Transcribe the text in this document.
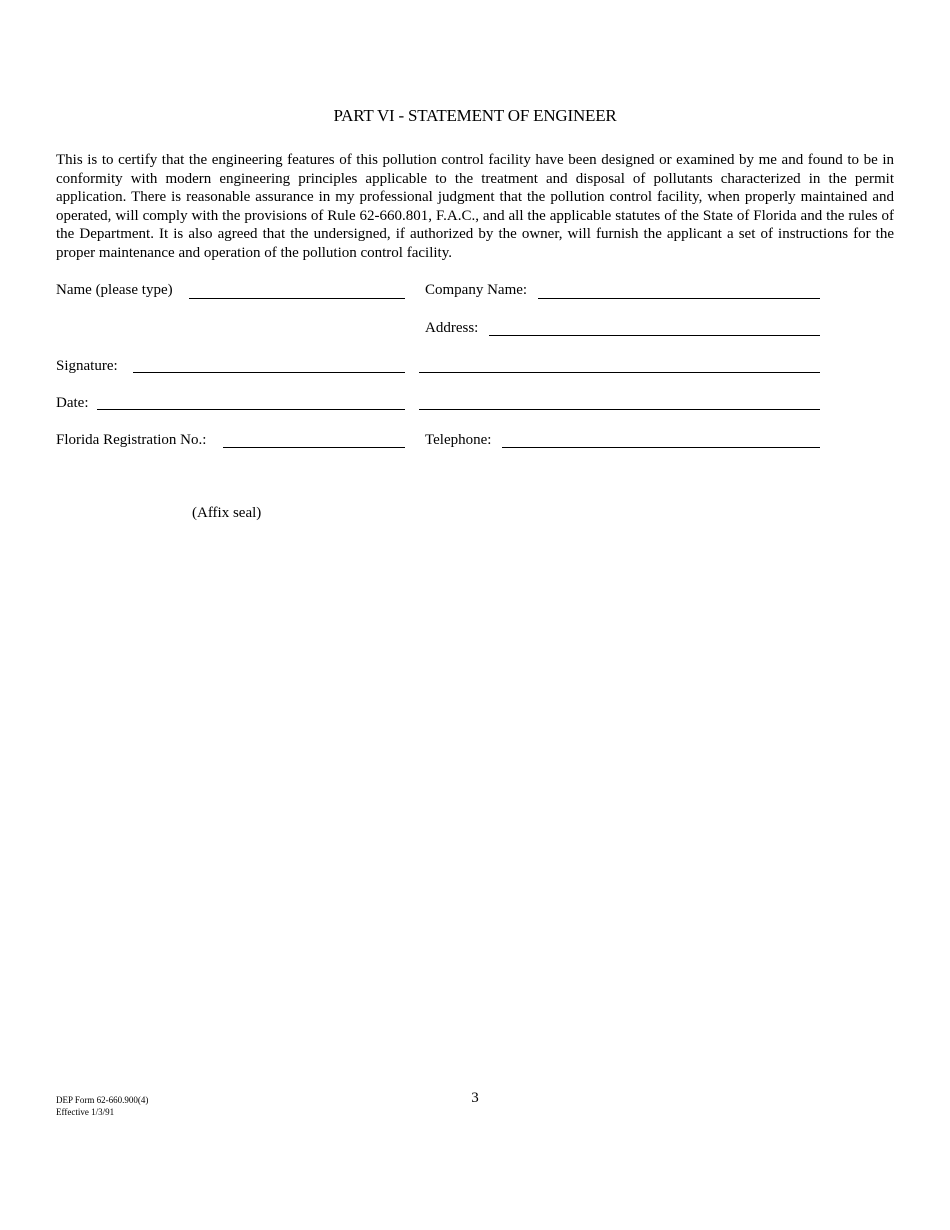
PART VI - STATEMENT OF ENGINEER

This is to certify that the engineering features of this pollution control facility have been designed or examined by me and found to be in conformity with modern engineering principles applicable to the treatment and disposal of pollutants characterized in the permit application. There is reasonable assurance in my professional judgment that the pollution control facility, when properly maintained and operated, will comply with the provisions of Rule 62-660.801, F.A.C., and all the applicable statutes of the State of Florida and the rules of the Department. It is also agreed that the undersigned, if authorized by the owner, will furnish the applicant a set of instructions for the proper maintenance and operation of the pollution control facility.

Name (please type)	Company Name:
Address:
Signature:
Date:
Florida Registration No.:	Telephone:
(Affix seal)
DEP Form 62-660.900(4)
Effective 1/3/91
3
